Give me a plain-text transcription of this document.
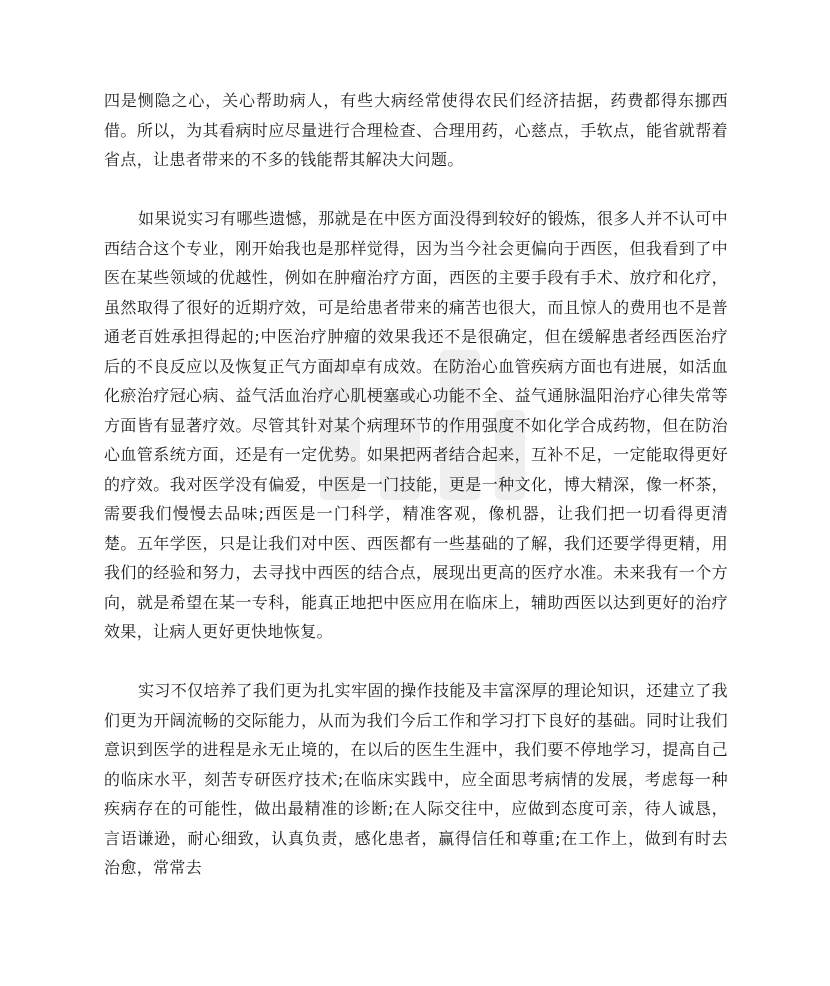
四是恻隐之心，关心帮助病人，有些大病经常使得农民们经济拮据，药费都得东挪西借。所以，为其看病时应尽量进行合理检查、合理用药，心慈点，手软点，能省就帮着省点，让患者带来的不多的钱能帮其解决大问题。

如果说实习有哪些遗憾，那就是在中医方面没得到较好的锻炼，很多人并不认可中西结合这个专业，刚开始我也是那样觉得，因为当今社会更偏向于西医，但我看到了中医在某些领域的优越性，例如在肿瘤治疗方面，西医的主要手段有手术、放疗和化疗，虽然取得了很好的近期疗效，可是给患者带来的痛苦也很大，而且惊人的费用也不是普通老百姓承担得起的;中医治疗肿瘤的效果我还不是很确定，但在缓解患者经西医治疗后的不良反应以及恢复正气方面却卓有成效。在防治心血管疾病方面也有进展，如活血化瘀治疗冠心病、益气活血治疗心肌梗塞或心功能不全、益气通脉温阳治疗心律失常等方面皆有显著疗效。尽管其针对某个病理环节的作用强度不如化学合成药物，但在防治心血管系统方面，还是有一定优势。如果把两者结合起来，互补不足，一定能取得更好的疗效。我对医学没有偏爱，中医是一门技能，更是一种文化，博大精深，像一杯茶，需要我们慢慢去品味;西医是一门科学，精准客观，像机器，让我们把一切看得更清楚。五年学医，只是让我们对中医、西医都有一些基础的了解，我们还要学得更精，用我们的经验和努力，去寻找中西医的结合点，展现出更高的医疗水准。未来我有一个方向，就是希望在某一专科，能真正地把中医应用在临床上，辅助西医以达到更好的治疗效果，让病人更好更快地恢复。

实习不仅培养了我们更为扎实牢固的操作技能及丰富深厚的理论知识，还建立了我们更为开阔流畅的交际能力，从而为我们今后工作和学习打下良好的基础。同时让我们意识到医学的进程是永无止境的，在以后的医生生涯中，我们要不停地学习，提高自己的临床水平，刻苦专研医疗技术;在临床实践中，应全面思考病情的发展，考虑每一种疾病存在的可能性，做出最精准的诊断;在人际交往中，应做到态度可亲，待人诚恳，言语谦逊，耐心细致，认真负责，感化患者，赢得信任和尊重;在工作上，做到有时去治愈，常常去
